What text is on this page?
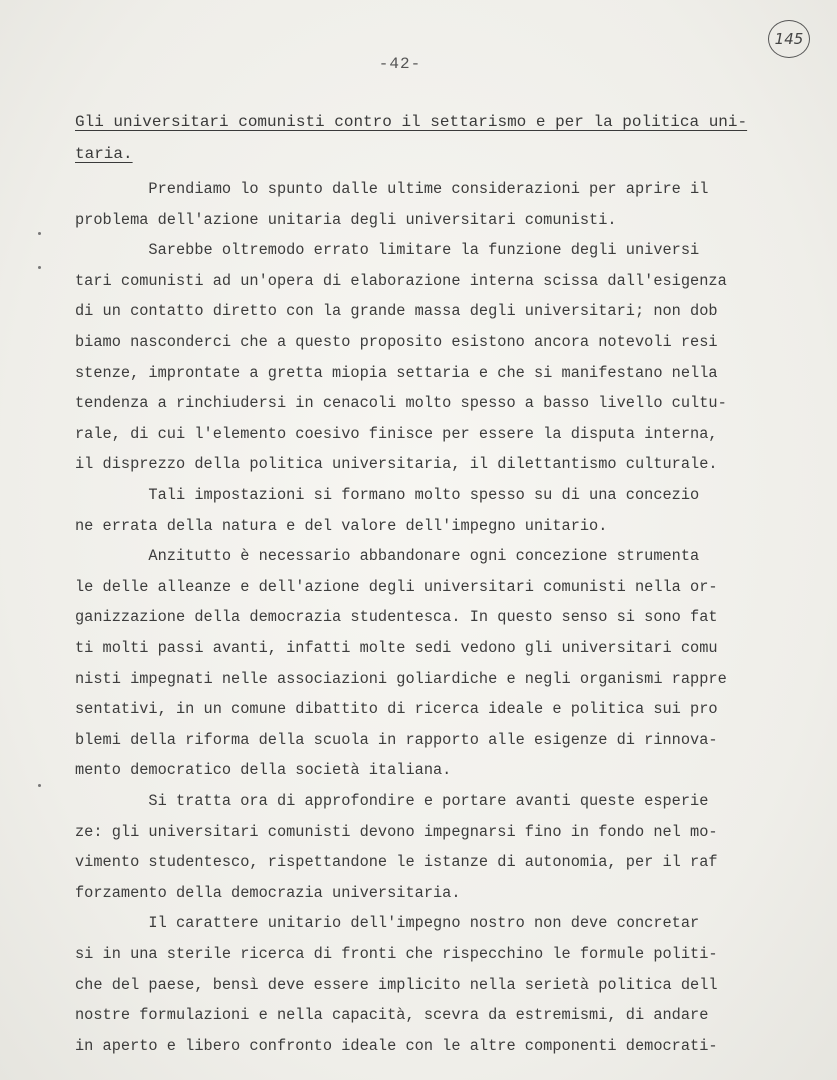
145
-42-
Gli universitari comunisti contro il settarismo e per la politica uni-
taria.
Prendiamo lo spunto dalle ultime considerazioni per aprire il
problema dell'azione unitaria degli universitari comunisti.
Sarebbe oltremodo errato limitare la funzione degli universi
tari comunisti ad un'opera di elaborazione interna scissa dall'esigenza
di un contatto diretto con la grande massa degli universitari; non dob
biamo nasconderci che a questo proposito esistono ancora notevoli resi
stenze, improntate a gretta miopia settaria e che si manifestano nella
tendenza a rinchiudersi in cenacoli molto spesso a basso livello cultu-
rale, di cui l'elemento coesivo finisce per essere la disputa interna,
il disprezzo della politica universitaria, il dilettantismo culturale.
Tali impostazioni si formano molto spesso su di una concezio
ne errata della natura e del valore dell'impegno unitario.
Anzitutto è necessario abbandonare ogni concezione strumenta
le delle alleanze e dell'azione degli universitari comunisti nella or-
ganizzazione della democrazia studentesca. In questo senso si sono fat
ti molti passi avanti, infatti molte sedi vedono gli universitari comu
nisti impegnati nelle associazioni goliardiche e negli organismi rappre
sentativi, in un comune dibattito di ricerca ideale e politica sui pro
blemi della riforma della scuola in rapporto alle esigenze di rinnova-
mento democratico della società italiana.
Si tratta ora di approfondire e portare avanti queste esperie
ze: gli universitari comunisti devono impegnarsi fino in fondo nel mo-
vimento studentesco, rispettandone le istanze di autonomia, per il raf
forzamento della democrazia universitaria.
Il carattere unitario dell'impegno nostro non deve concretar
si in una sterile ricerca di fronti che rispecchino le formule politi-
che del paese, bensì deve essere implicito nella serietà politica dell
nostre formulazioni e nella capacità, scevra da estremismi, di andare
in aperto e libero confronto ideale con le altre componenti democrati-
